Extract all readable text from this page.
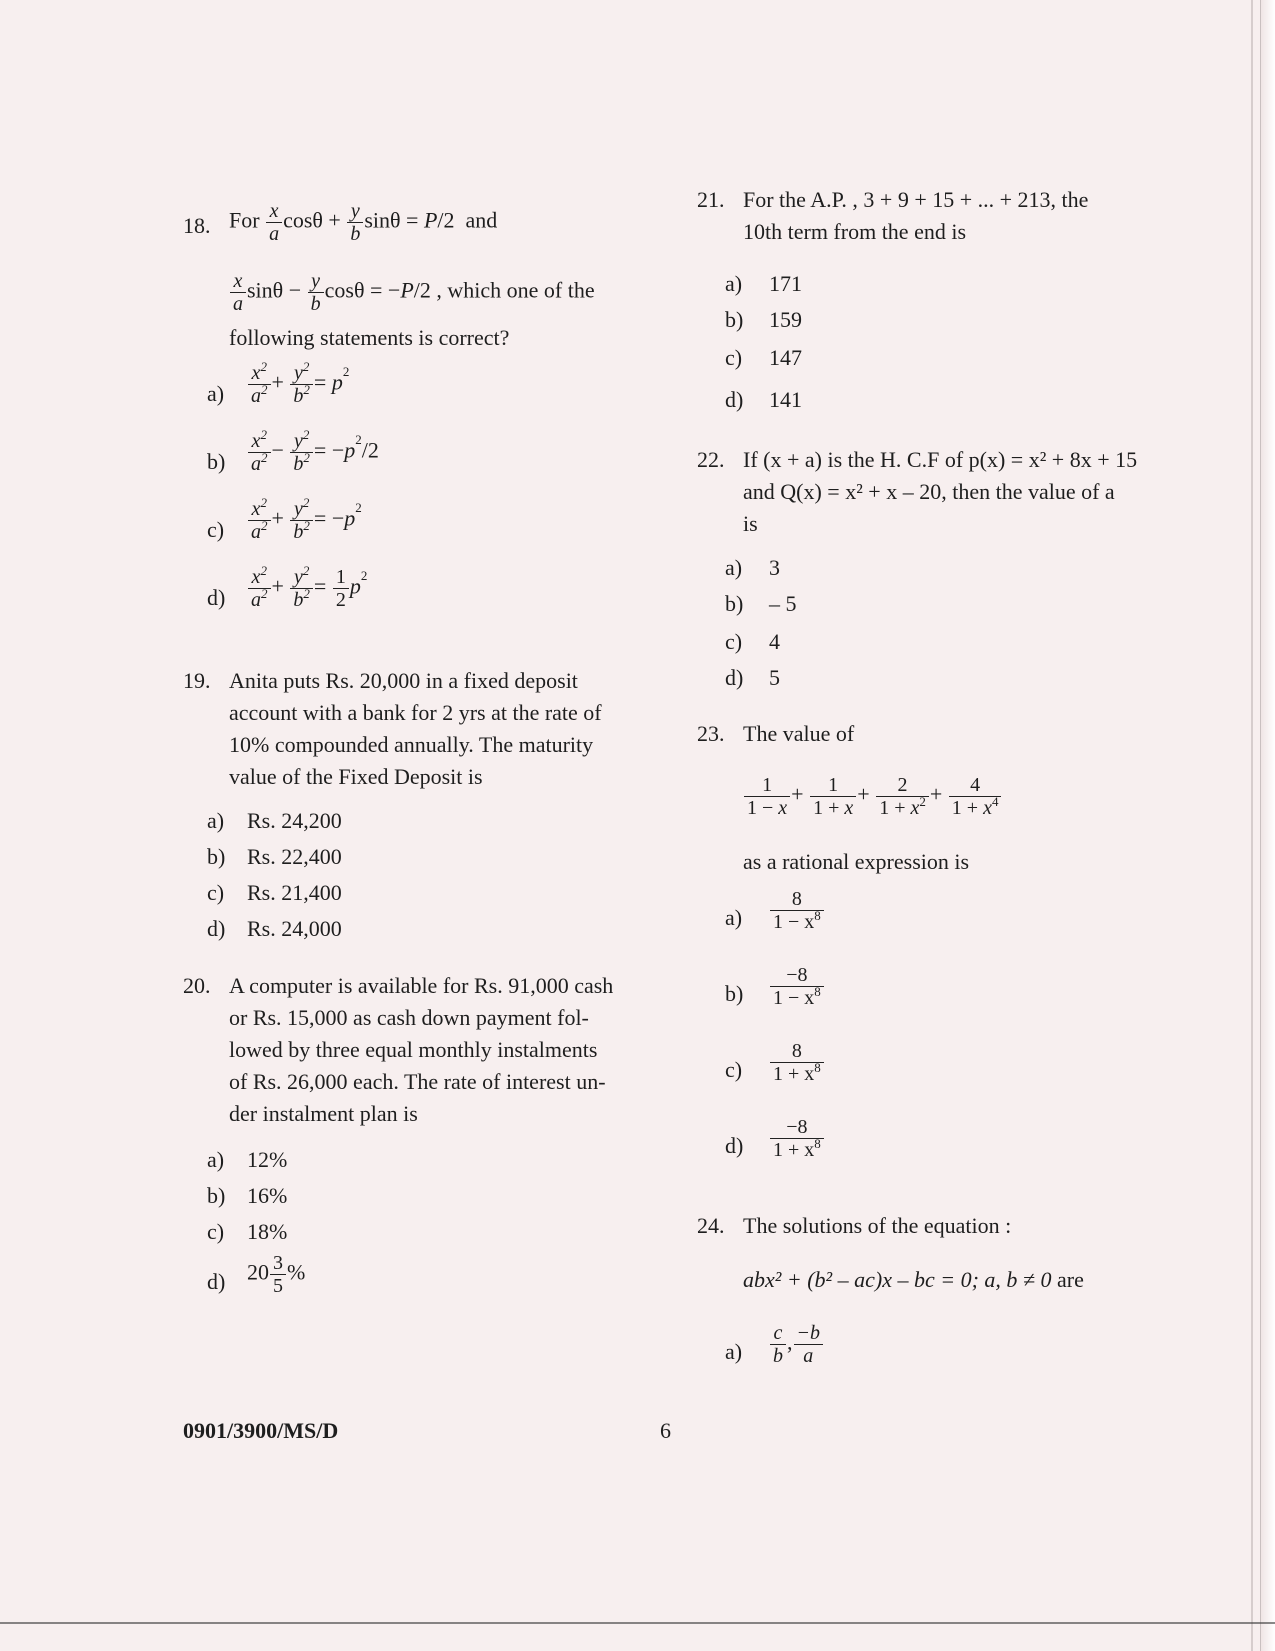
18. For $\frac{x}{a}$ $\cos\theta + \frac{y}{b}$ sinθ = P/2  and
$\frac{x}{a}$ $\sin\theta - \frac{y}{b}$ cosθ = −P/2 , which one of the
following statements is correct?
$a) \frac{x^2}{a^2} + \frac{y^2}{b^2} = p^2$
$b) \frac{x^2}{a^2} - \frac{y^2}{b^2} = -p^2/2$
$c) \frac{x^2}{a^2} + \frac{y^2}{b^2} = -p^2$
$d) \frac{x^2}{a^2} + \frac{y^2}{b^2} = \frac{1}{2} p^2$
19. Anita puts Rs. 20,000 in a fixed deposit
account with a bank for 2 yrs at the rate of
10% compounded annually. The maturity
value of the Fixed Deposit is
a) Rs. 24,200
b) Rs. 22,400
c) Rs. 21,400
d) Rs. 24,000
20. A computer is available for Rs. 91,000 cash
or Rs. 15,000 as cash down payment fol-
lowed by three equal monthly instalments
of Rs. 26,000 each. The rate of interest un-
der instalment plan is
a) 12%
b) 16%
c) 18%
d) $20 \frac{3}{5}$ %
21. For the A.P. , 3 + 9 + 15 + ... + 213, the
10th term from the end is
a) 171
b) 159
c) 147
d) 141
22. If (x + a) is the H. C.F of p(x) = x² + 8x + 15
and Q(x) = x² + x – 20, then the value of a
is
a) 3
b) – 5
c) 4
d) 5
23. The value of
$\frac{1}{1 - x} + \frac{1}{1 + x} + \frac{2}{1 + x^2} + \frac{4}{1 + x^4}$
as a rational expression is
$a) \frac{8}{1 - x^8}$
$b) \frac{-8}{1 - x^8}$
$c) \frac{8}{1 + x^8}$
$d) \frac{-8}{1 + x^8}$
24. The solutions of the equation :
abx² + (b² – ac)x – bc = 0; a, b ≠ 0 are
$a) \frac{c}{b}$ , $\frac{-b}{a}$
0901/3900/MS/D	6
